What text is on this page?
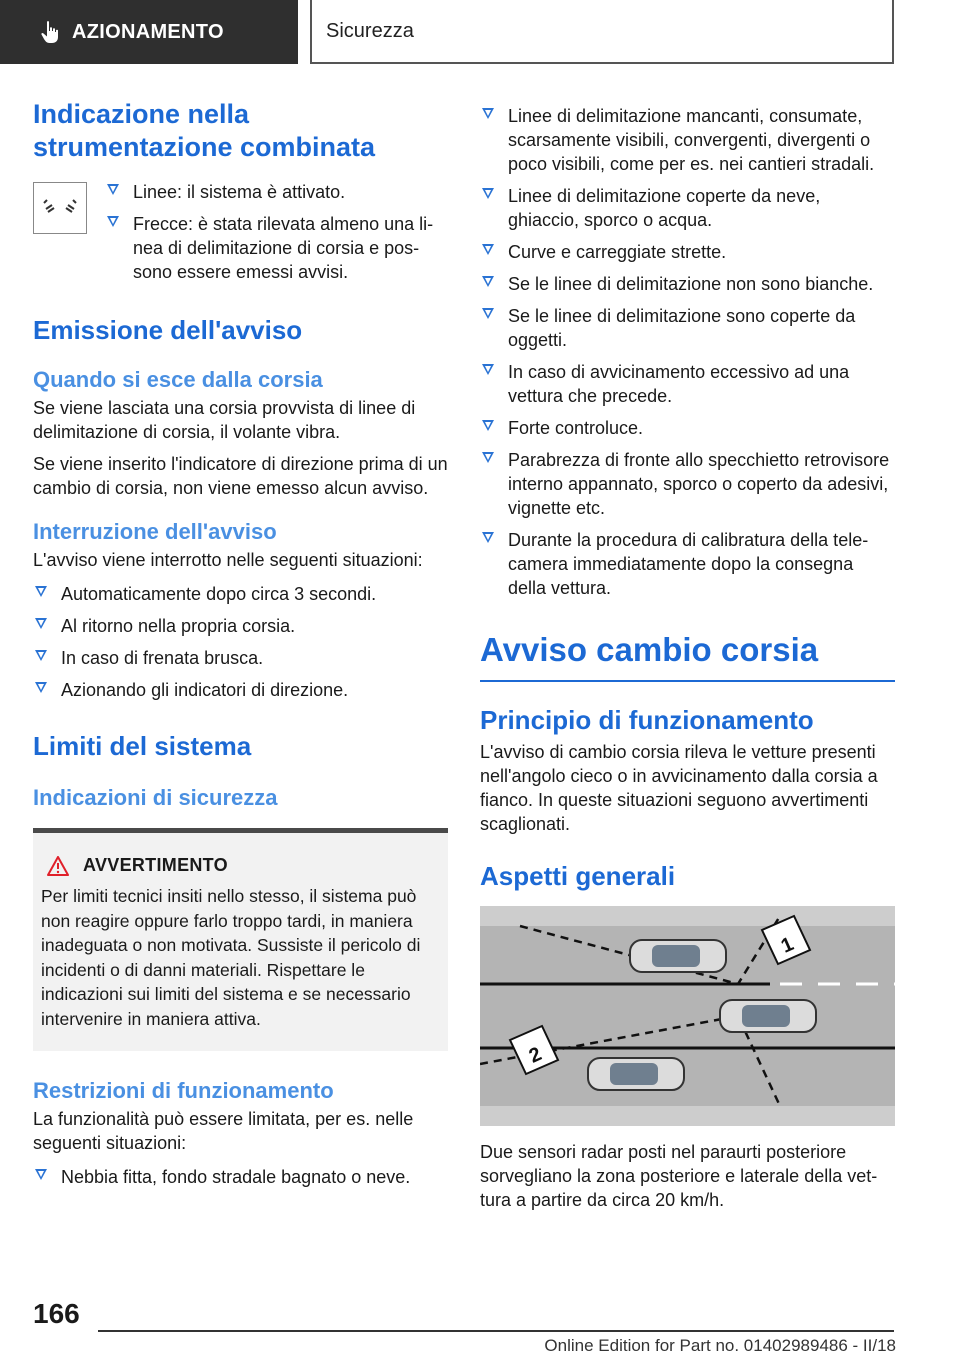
AZIONAMENTO	Sicurezza
Indicazione nella strumentazione combinata
Linee: il sistema è attivato.
Frecce: è stata rilevata almeno una linea di delimitazione di corsia e possono essere emessi avvisi.
Emissione dell'avviso
Quando si esce dalla corsia

Se viene lasciata una corsia provvista di linee di delimitazione di corsia, il volante vibra.

Se viene inserito l'indicatore di direzione prima di un cambio di corsia, non viene emesso alcun avviso.

Interruzione dell'avviso

L'avviso viene interrotto nelle seguenti situazioni:

Automaticamente dopo circa 3 secondi.
Al ritorno nella propria corsia.
In caso di frenata brusca.
Azionando gli indicatori di direzione.
Limiti del sistema
Indicazioni di sicurezza
AVVERTIMENTO

Per limiti tecnici insiti nello stesso, il sistema può non reagire oppure farlo troppo tardi, in maniera inadeguata o non motivata. Sussiste il pericolo di incidenti o di danni materiali. Rispettare le indicazioni sui limiti del sistema e se necessario intervenire in maniera attiva.

Restrizioni di funzionamento

La funzionalità può essere limitata, per es. nelle seguenti situazioni:

Nebbia fitta, fondo stradale bagnato o neve.
Linee di delimitazione mancanti, consumate, scarsamente visibili, convergenti, divergenti o poco visibili, come per es. nei cantieri stradali.
Linee di delimitazione coperte da neve, ghiaccio, sporco o acqua.
Curve e carreggiate strette.
Se le linee di delimitazione non sono bianche.
Se le linee di delimitazione sono coperte da oggetti.
In caso di avvicinamento eccessivo ad una vettura che precede.
Forte controluce.
Parabrezza di fronte allo specchietto retrovisore interno appannato, sporco o coperto da adesivi, vignette etc.
Durante la procedura di calibratura della telecamera immediatamente dopo la consegna della vettura.
Avviso cambio corsia
Principio di funzionamento

L'avviso di cambio corsia rileva le vetture presenti nell'angolo cieco o in avvicinamento dalla corsia a fianco. In queste situazioni seguono avvertimenti scaglionati.

Aspetti generali
1
2

Due sensori radar posti nel paraurti posteriore sorvegliano la zona posteriore e laterale della vettura a partire da circa 20 km/h.

166
Online Edition for Part no. 01402989486 - II/18
